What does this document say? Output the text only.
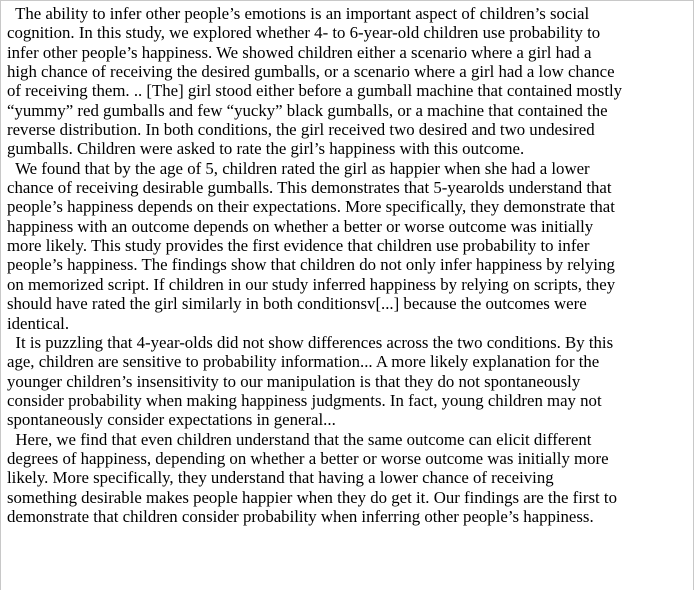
The ability to infer other people’s emotions is an important aspect of children’s social
cognition. In this study, we explored whether 4- to 6-year-old children use probability to
infer other people’s happiness. We showed children either a scenario where a girl had a
high chance of receiving the desired gumballs, or a scenario where a girl had a low chance
of receiving them. .. [The] girl stood either before a gumball machine that contained mostly
“yummy” red gumballs and few “yucky” black gumballs, or a machine that contained the
reverse distribution. In both conditions, the girl received two desired and two undesired
gumballs. Children were asked to rate the girl’s happiness with this outcome.
We found that by the age of 5, children rated the girl as happier when she had a lower
chance of receiving desirable gumballs. This demonstrates that 5-yearolds understand that
people’s happiness depends on their expectations. More specifically, they demonstrate that
happiness with an outcome depends on whether a better or worse outcome was initially
more likely. This study provides the first evidence that children use probability to infer
people’s happiness. The findings show that children do not only infer happiness by relying
on memorized script. If children in our study inferred happiness by relying on scripts, they
should have rated the girl similarly in both conditionsv[...] because the outcomes were
identical.
It is puzzling that 4-year-olds did not show differences across the two conditions. By this
age, children are sensitive to probability information... A more likely explanation for the
younger children’s insensitivity to our manipulation is that they do not spontaneously
consider probability when making happiness judgments. In fact, young children may not
spontaneously consider expectations in general...
Here, we find that even children understand that the same outcome can elicit different
degrees of happiness, depending on whether a better or worse outcome was initially more
likely. More specifically, they understand that having a lower chance of receiving
something desirable makes people happier when they do get it. Our findings are the first to
demonstrate that children consider probability when inferring other people’s happiness.
